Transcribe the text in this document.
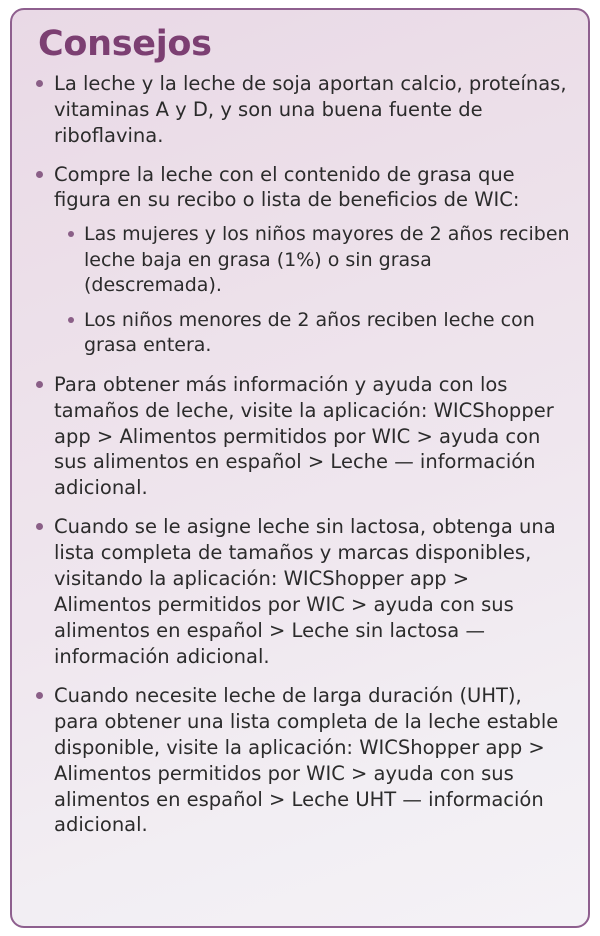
Consejos
La leche y la leche de soja aportan calcio, proteínas, vitaminas A y D, y son una buena fuente de riboflavina.
Compre la leche con el contenido de grasa que figura en su recibo o lista de beneficios de WIC:
Las mujeres y los niños mayores de 2 años reciben leche baja en grasa (1%) o sin grasa (descremada).
Los niños menores de 2 años reciben leche con grasa entera.
Para obtener más información y ayuda con los tamaños de leche, visite la aplicación: WICShopper app > Alimentos permitidos por WIC > ayuda con sus alimentos en español > Leche — información adicional.
Cuando se le asigne leche sin lactosa, obtenga una lista completa de tamaños y marcas disponibles, visitando la aplicación: WICShopper app > Alimentos permitidos por WIC > ayuda con sus alimentos en español > Leche sin lactosa — información adicional.
Cuando necesite leche de larga duración (UHT), para obtener una lista completa de la leche estable disponible, visite la aplicación: WICShopper app > Alimentos permitidos por WIC > ayuda con sus alimentos en español > Leche UHT — información adicional.
